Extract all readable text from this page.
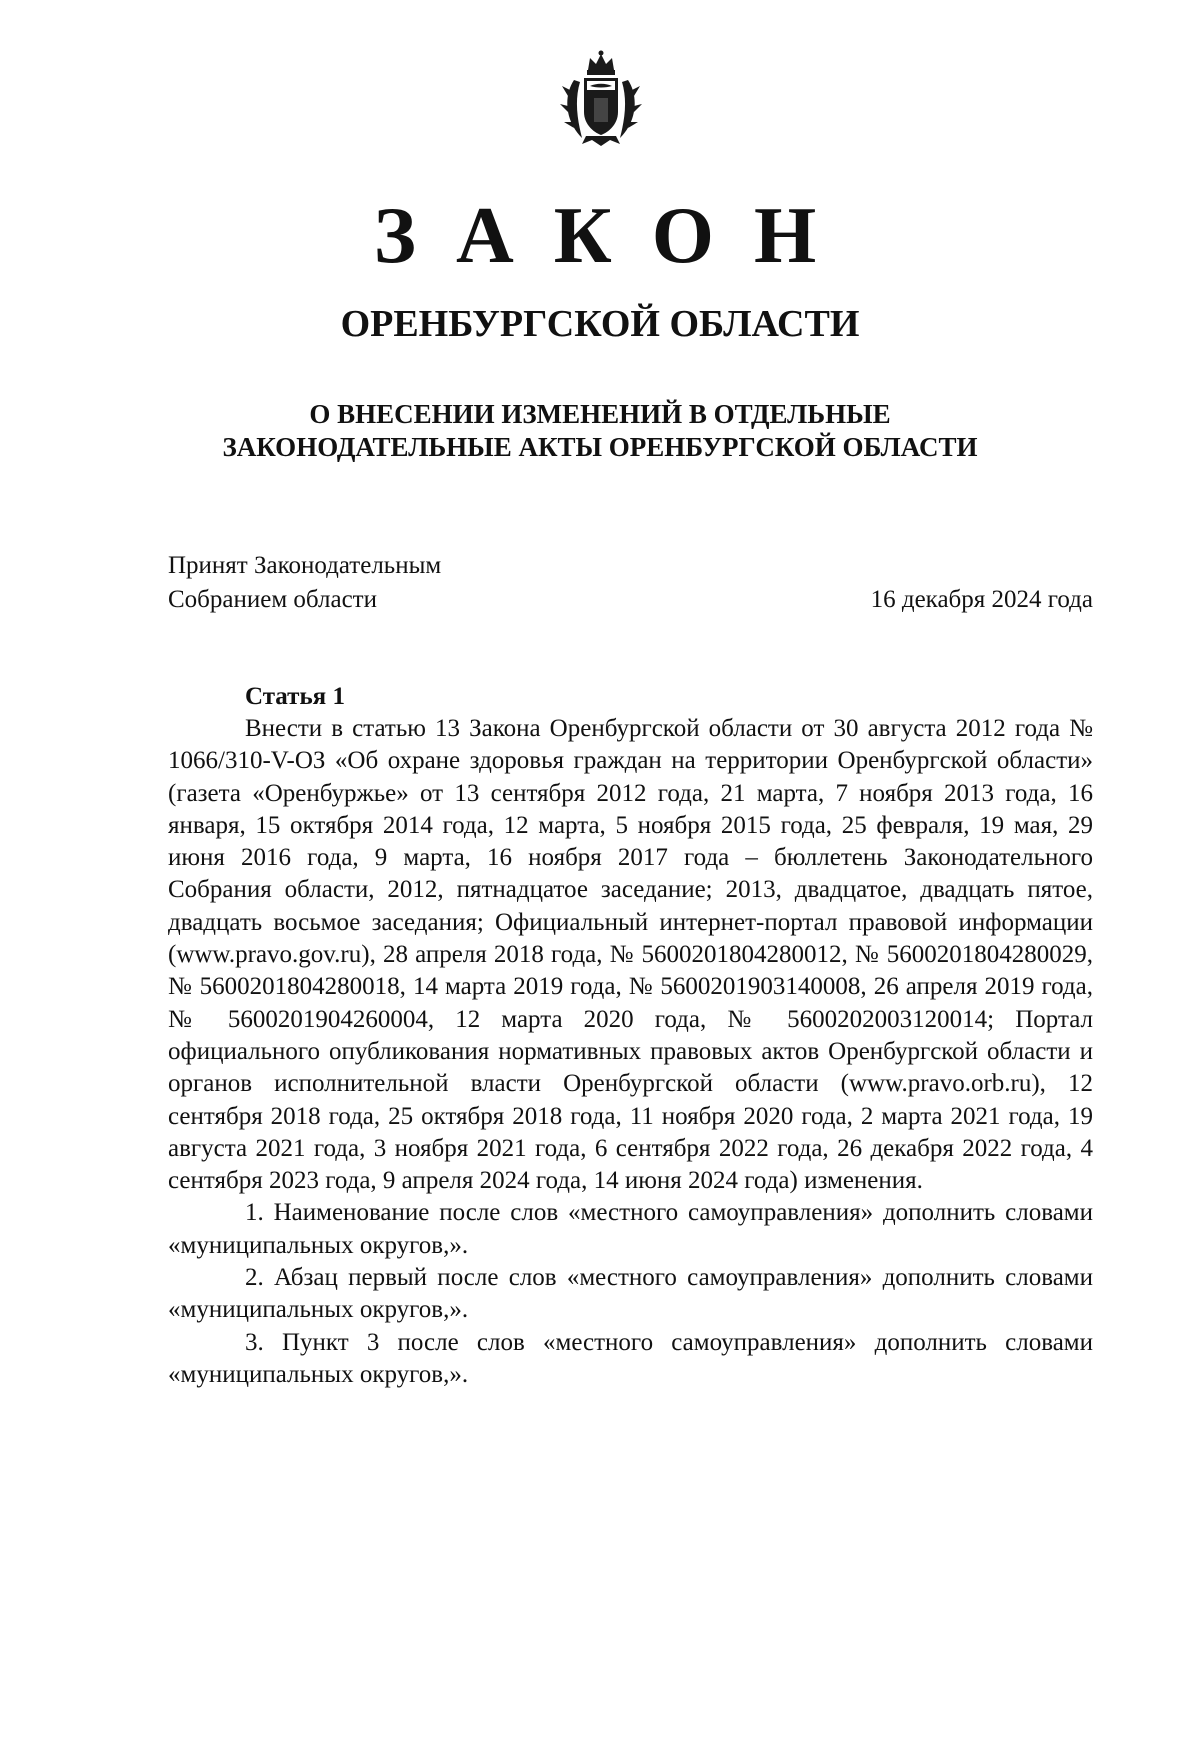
З А К О Н
ОРЕНБУРГСКОЙ ОБЛАСТИ
О ВНЕСЕНИИ ИЗМЕНЕНИЙ В ОТДЕЛЬНЫЕ
ЗАКОНОДАТЕЛЬНЫЕ АКТЫ ОРЕНБУРГСКОЙ ОБЛАСТИ
Принят Законодательным
Собранием области	16 декабря 2024 года
Статья 1

Внести в статью 13 Закона Оренбургской области от 30 августа 2012 года № 1066/310-V-ОЗ «Об охране здоровья граждан на территории Оренбургской области» (газета «Оренбуржье» от 13 сентября 2012 года, 21 марта, 7 ноября 2013 года, 16 января, 15 октября 2014 года, 12 марта, 5 ноября 2015 года, 25 февраля, 19 мая, 29 июня 2016 года, 9 марта, 16 ноября 2017 года – бюллетень Законодательного Собрания области, 2012, пятнадцатое заседание; 2013, двадцатое, двадцать пятое, двадцать восьмое заседания; Официальный интернет-портал правовой информации (www.pravo.gov.ru), 28 апреля 2018 года, № 5600201804280012, № 5600201804280029, № 5600201804280018, 14 марта 2019 года, № 5600201903140008, 26 апреля 2019 года, № 5600201904260004, 12 марта 2020 года, № 5600202003120014; Портал официального опубликования нормативных правовых актов Оренбургской области и органов исполнительной власти Оренбургской области (www.pravo.orb.ru), 12 сентября 2018 года, 25 октября 2018 года, 11 ноября 2020 года, 2 марта 2021 года, 19 августа 2021 года, 3 ноября 2021 года, 6 сентября 2022 года, 26 декабря 2022 года, 4 сентября 2023 года, 9 апреля 2024 года, 14 июня 2024 года) изменения.

1. Наименование после слов «местного самоуправления» дополнить словами «муниципальных округов,».

2. Абзац первый после слов «местного самоуправления» дополнить словами «муниципальных округов,».

3. Пункт 3 после слов «местного самоуправления» дополнить словами «муниципальных округов,».
